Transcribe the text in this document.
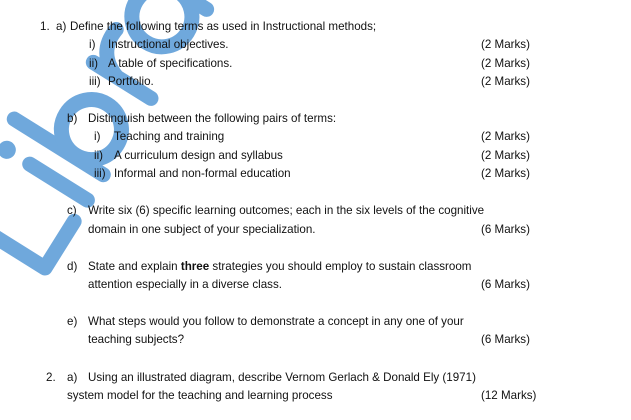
1. a) Define the following terms as used in Instructional methods;
i) Instructional objectives.	(2 Marks)
ii) A table of specifications.	(2 Marks)
iii) Portfolio.	(2 Marks)
b) Distinguish between the following pairs of terms:
i) Teaching and training	(2 Marks)
ii) A curriculum design and syllabus	(2 Marks)
iii) Informal and non-formal education	(2 Marks)
c) Write six (6) specific learning outcomes; each in the six levels of the cognitive
domain in one subject of your specialization.	(6 Marks)
d) State and explain three strategies you should employ to sustain classroom
attention especially in a diverse class.	(6 Marks)
e) What steps would you follow to demonstrate a concept in any one of your
teaching subjects?	(6 Marks)
2. a) Using an illustrated diagram, describe Vernom Gerlach & Donald Ely (1971)
system model for the teaching and learning process	(12 Marks)
